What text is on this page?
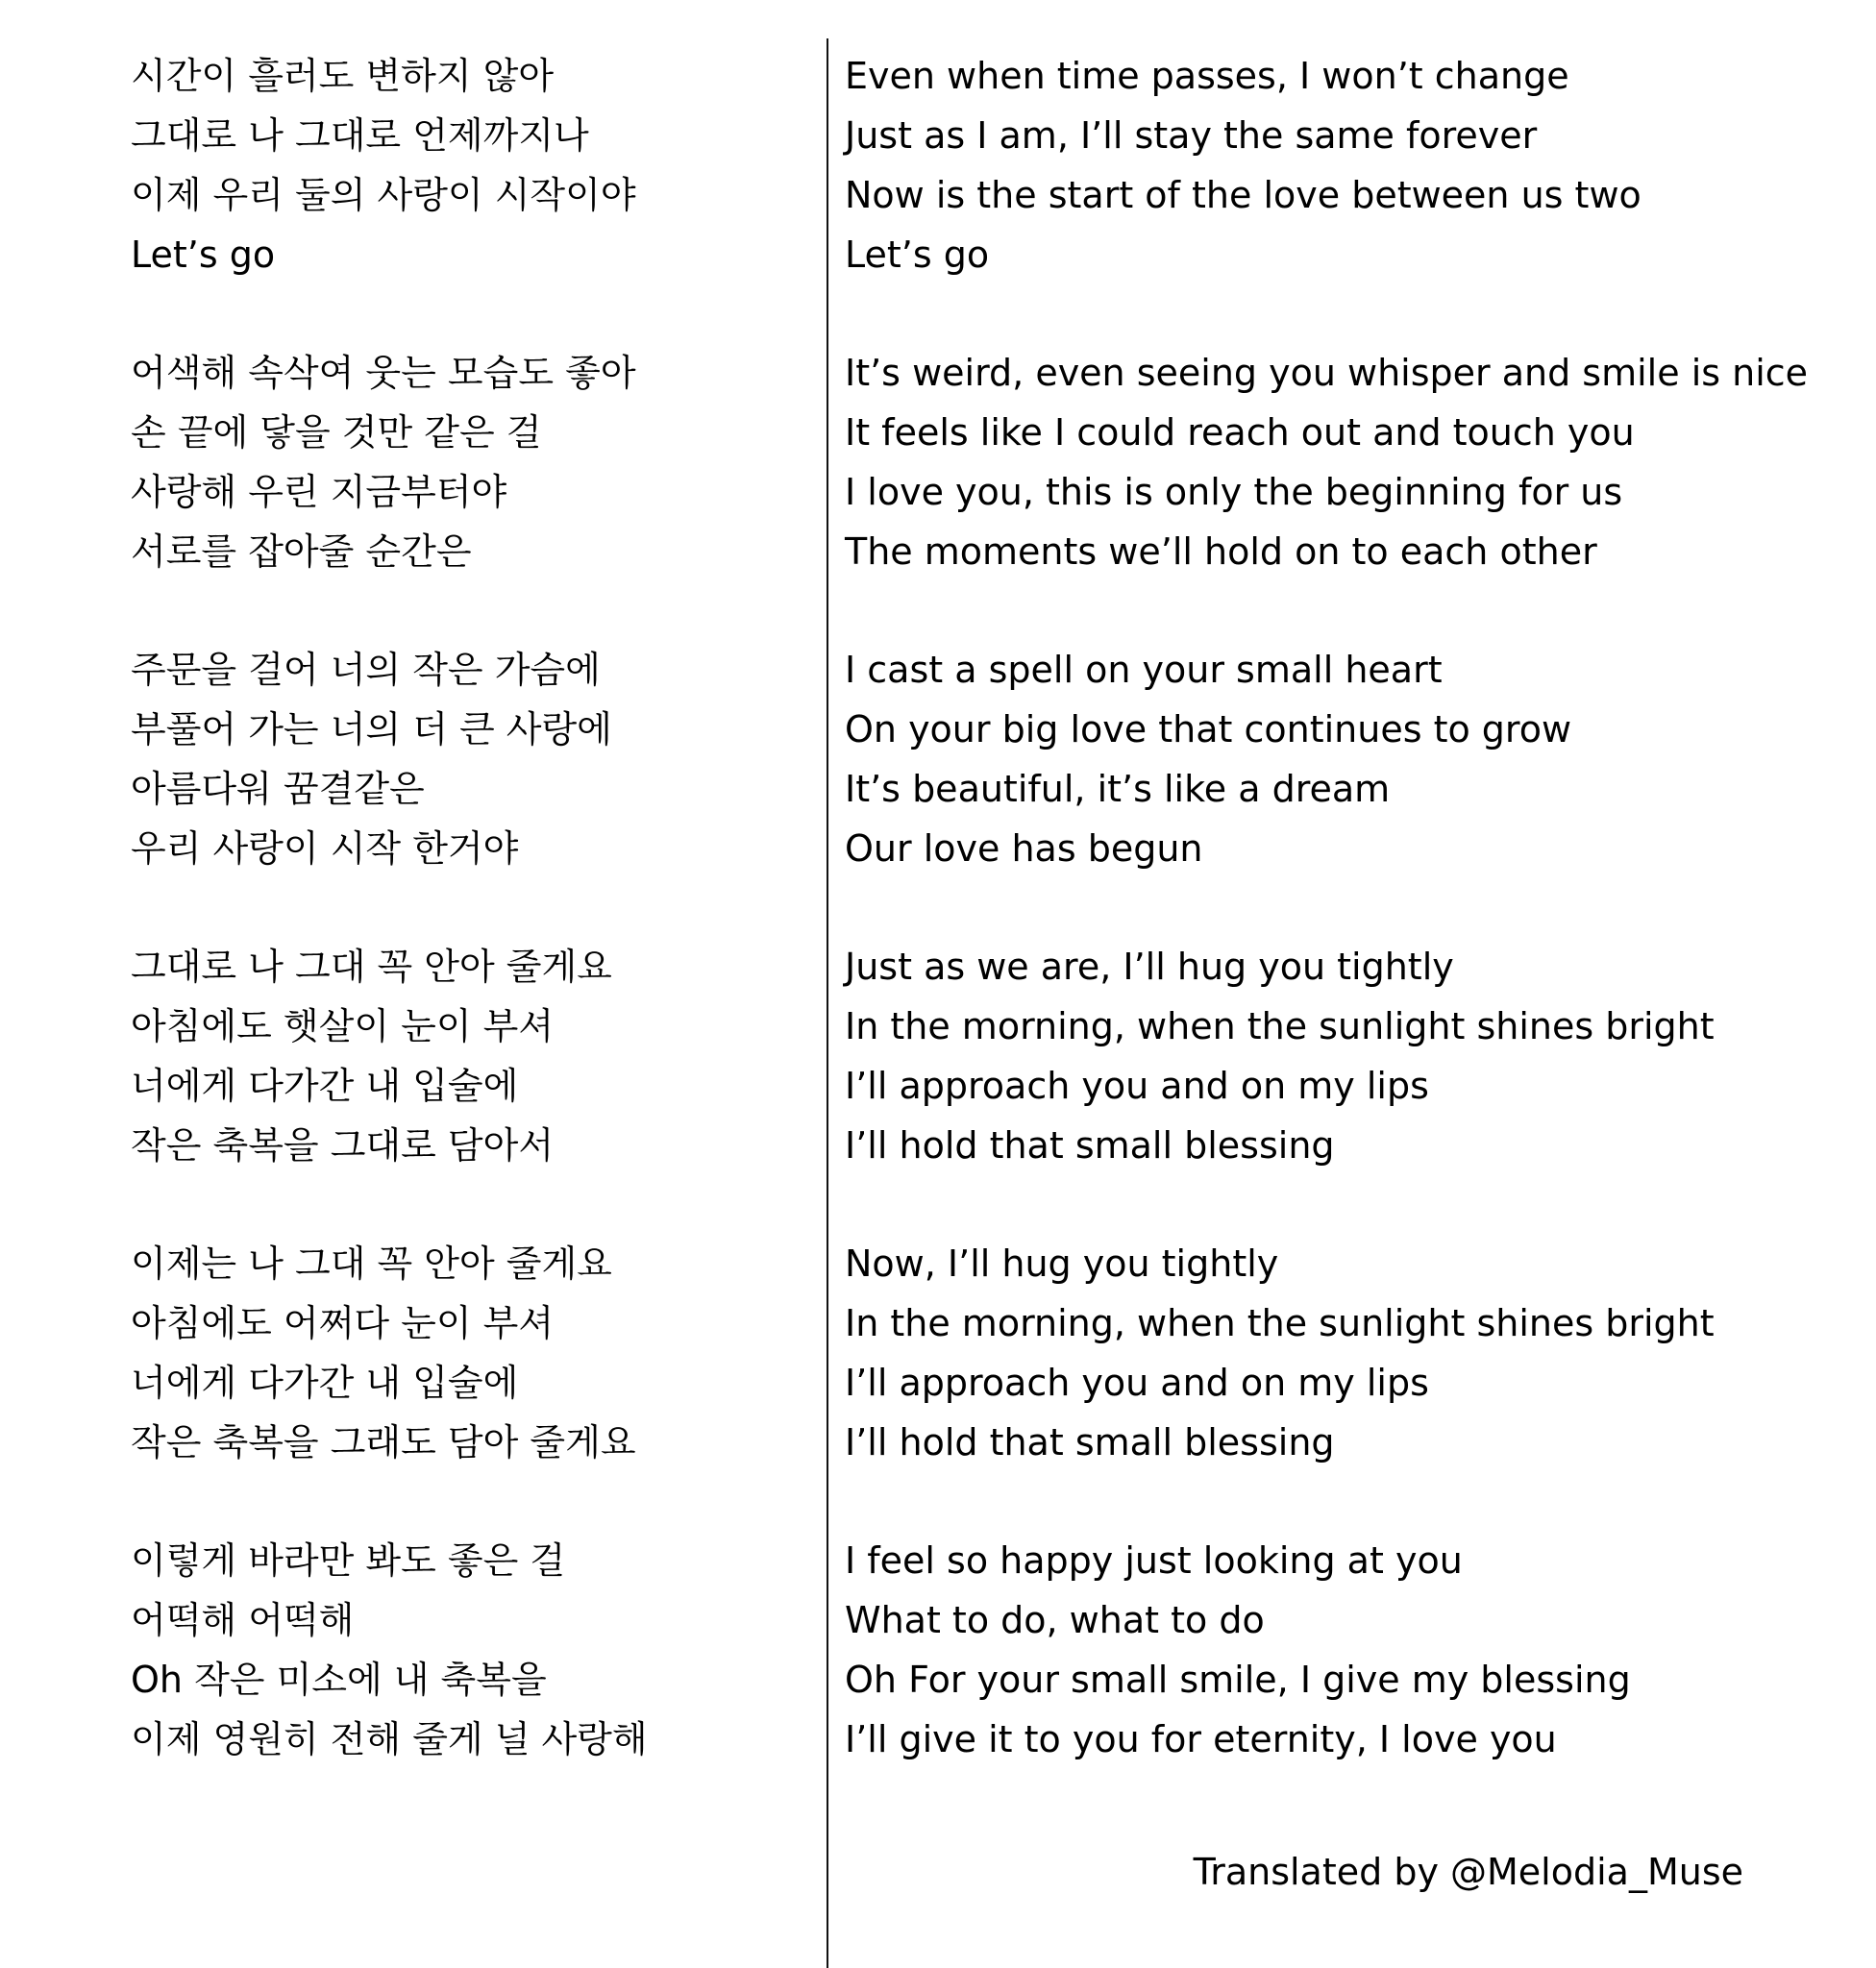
시간이 흘러도 변하지 않아
그대로 나 그대로 언제까지나
이제 우리 둘의 사랑이 시작이야
Let’s go
어색해 속삭여 웃는 모습도 좋아
손 끝에 닿을 것만 같은 걸
사랑해 우린 지금부터야
서로를 잡아줄 순간은
주문을 걸어 너의 작은 가슴에
부풀어 가는 너의 더 큰 사랑에
아름다워 꿈결같은
우리 사랑이 시작 한거야
그대로 나 그대 꼭 안아 줄게요
아침에도 햇살이 눈이 부셔
너에게 다가간 내 입술에
작은 축복을 그대로 담아서
이제는 나 그대 꼭 안아 줄게요
아침에도 어쩌다 눈이 부셔
너에게 다가간 내 입술에
작은 축복을 그래도 담아 줄게요
이렇게 바라만 봐도 좋은 걸
어떡해 어떡해
Oh 작은 미소에 내 축복을
이제 영원히 전해 줄게 널 사랑해
Even when time passes, I won’t change
Just as I am, I’ll stay the same forever
Now is the start of the love between us two
Let’s go
It’s weird, even seeing you whisper and smile is nice
It feels like I could reach out and touch you
I love you, this is only the beginning for us
The moments we’ll hold on to each other
I cast a spell on your small heart
On your big love that continues to grow
It’s beautiful, it’s like a dream
Our love has begun
Just as we are, I’ll hug you tightly
In the morning, when the sunlight shines bright
I’ll approach you and on my lips
I’ll hold that small blessing
Now, I’ll hug you tightly
In the morning, when the sunlight shines bright
I’ll approach you and on my lips
I’ll hold that small blessing
I feel so happy just looking at you
What to do, what to do
Oh For your small smile, I give my blessing
I’ll give it to you for eternity, I love you
Translated by @Melodia_Muse
